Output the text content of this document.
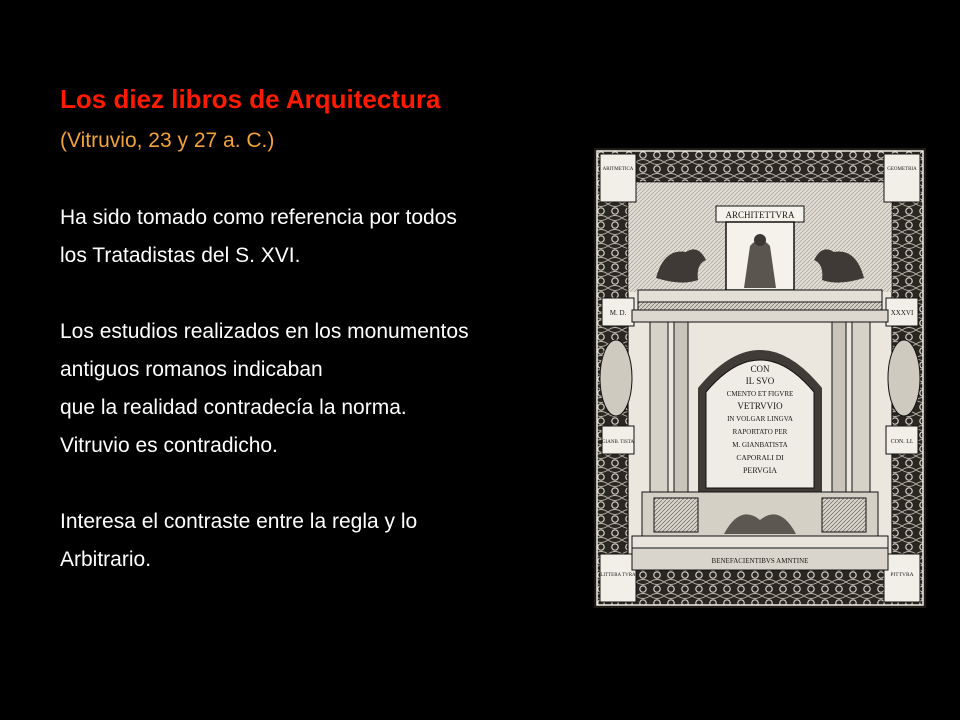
Los diez libros de Arquitectura
(Vitruvio, 23 y 27 a. C.)
Ha sido tomado como referencia por todos
los Tratadistas del S. XVI.
Los estudios realizados en los monumentos
antiguos romanos indicaban
que la realidad contradecía la norma.
Vitruvio es contradicho.
Interesa el contraste entre la regla y lo
Arbitrario.
ARCHITETTVRA
ARITMETICA	GEOMETRIA
M. D.	XXXVI
GIANB. TISTA	CON. LI.
LITTERA TVRA	PITTVRA
BENEFACIENTIBVS AMNTINE
CON
IL SVO
CMENTO ET FIGVRE
VETRVVIO
IN VOLGAR LINGVA
RAPORTATO PER
M. GIANBATISTA
CAPORALI DI
PERVGIA
